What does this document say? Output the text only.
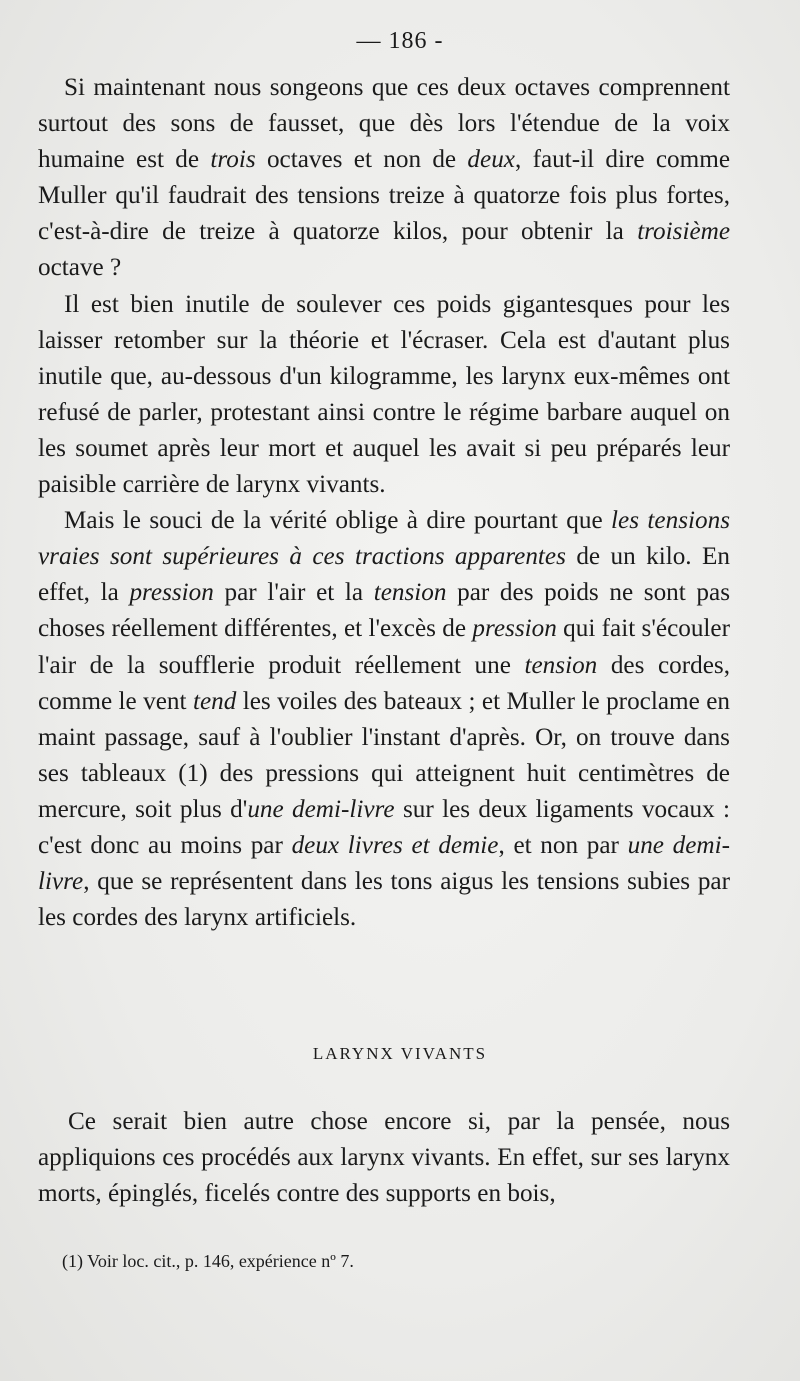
— 186 -

Si maintenant nous songeons que ces deux octaves comprennent surtout des sons de fausset, que dès lors l'étendue de la voix humaine est de trois octaves et non de deux, faut-il dire comme Muller qu'il faudrait des tensions treize à quatorze fois plus fortes, c'est-à-dire de treize à quatorze kilos, pour obtenir la troisième octave ?

Il est bien inutile de soulever ces poids gigantesques pour les laisser retomber sur la théorie et l'écraser. Cela est d'autant plus inutile que, au-dessous d'un kilogramme, les larynx eux-mêmes ont refusé de parler, protestant ainsi contre le régime barbare auquel on les soumet après leur mort et auquel les avait si peu préparés leur paisible carrière de larynx vivants.

Mais le souci de la vérité oblige à dire pourtant que les tensions vraies sont supérieures à ces tractions apparentes de un kilo. En effet, la pression par l'air et la tension par des poids ne sont pas choses réellement différentes, et l'excès de pression qui fait s'écouler l'air de la soufflerie produit réellement une tension des cordes, comme le vent tend les voiles des bateaux ; et Muller le proclame en maint passage, sauf à l'oublier l'instant d'après. Or, on trouve dans ses tableaux (1) des pressions qui atteignent huit centimètres de mercure, soit plus d'une demi-livre sur les deux ligaments vocaux : c'est donc au moins par deux livres et demie, et non par une demi-livre, que se représentent dans les tons aigus les tensions subies par les cordes des larynx artificiels.

LARYNX VIVANTS

Ce serait bien autre chose encore si, par la pensée, nous appliquions ces procédés aux larynx vivants. En effet, sur ses larynx morts, épinglés, ficelés contre des supports en bois,

(1) Voir loc. cit., p. 146, expérience nº 7.
